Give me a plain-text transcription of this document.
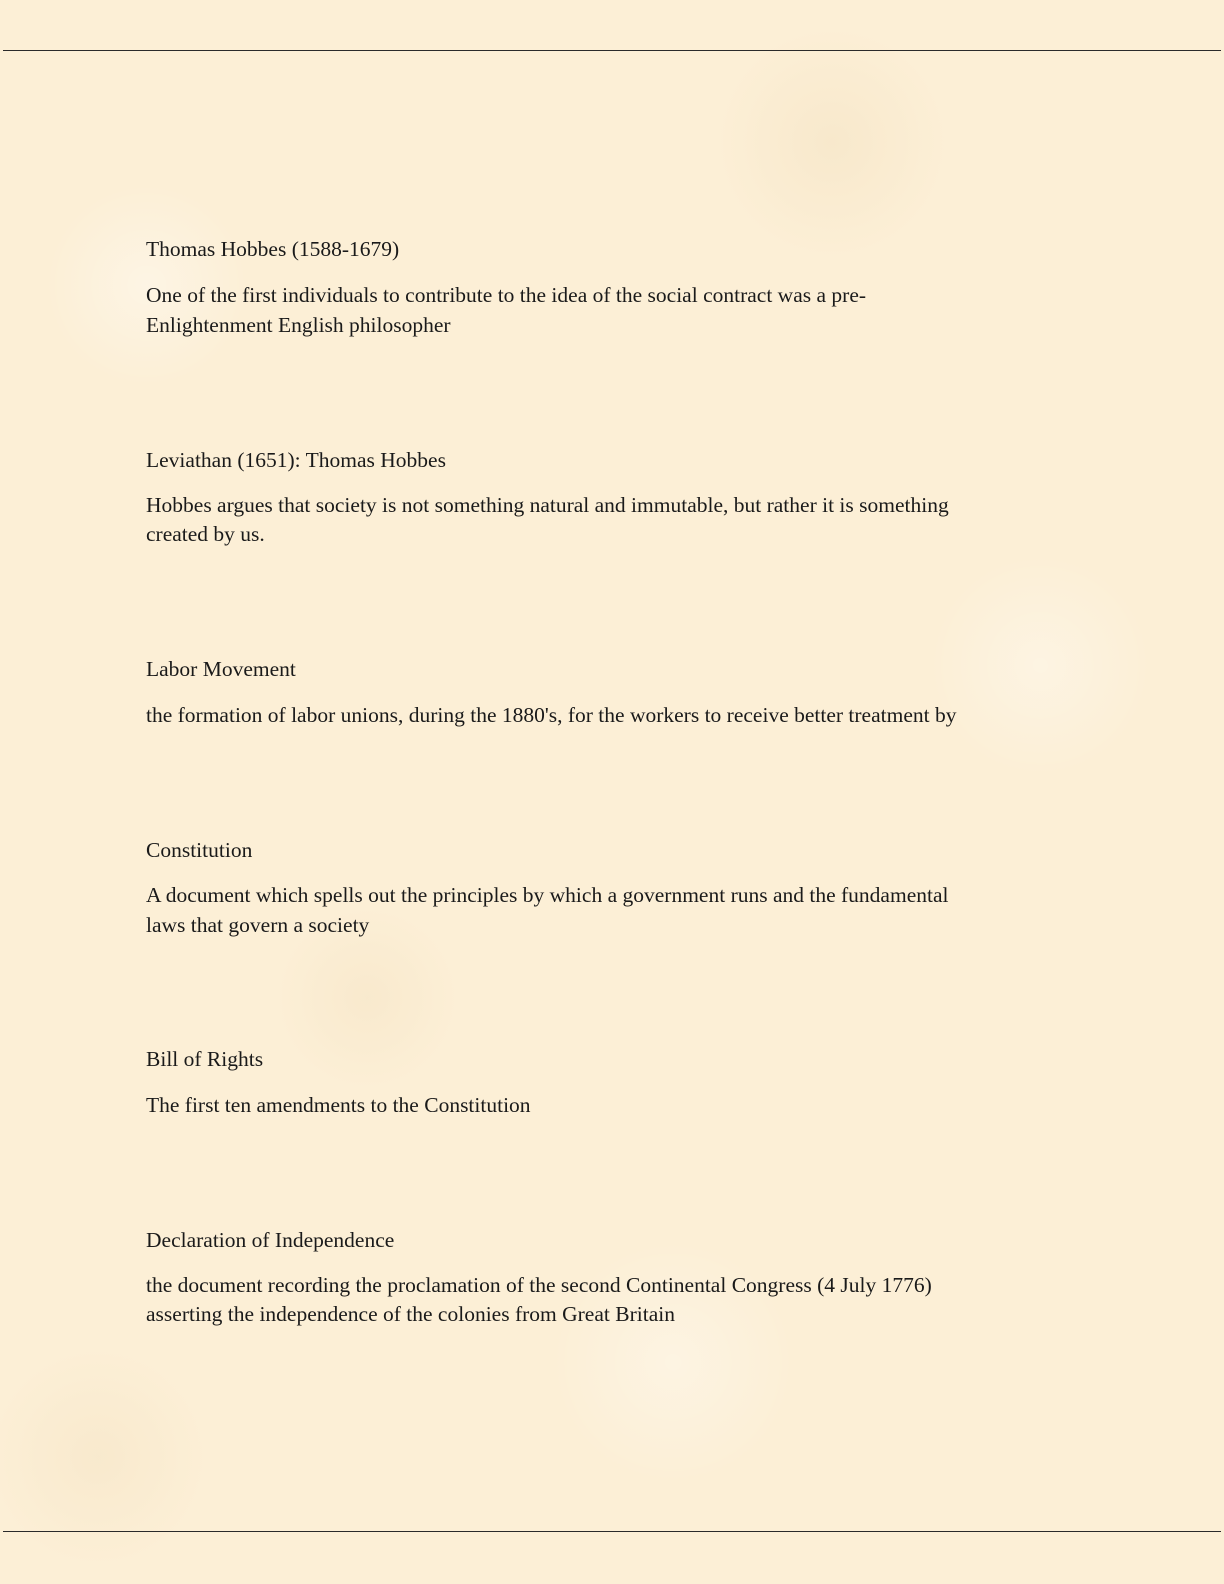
Thomas Hobbes (1588-1679)

One of the first individuals to contribute to the idea of the social contract was a pre-

Enlightenment English philosopher

Leviathan (1651): Thomas Hobbes

Hobbes argues that society is not something natural and immutable, but rather it is something

created by us.

Labor Movement

the formation of labor unions, during the 1880's, for the workers to receive better treatment by

Constitution

A document which spells out the principles by which a government runs and the fundamental

laws that govern a society

Bill of Rights

The first ten amendments to the Constitution

Declaration of Independence

the document recording the proclamation of the second Continental Congress (4 July 1776)

asserting the independence of the colonies from Great Britain
